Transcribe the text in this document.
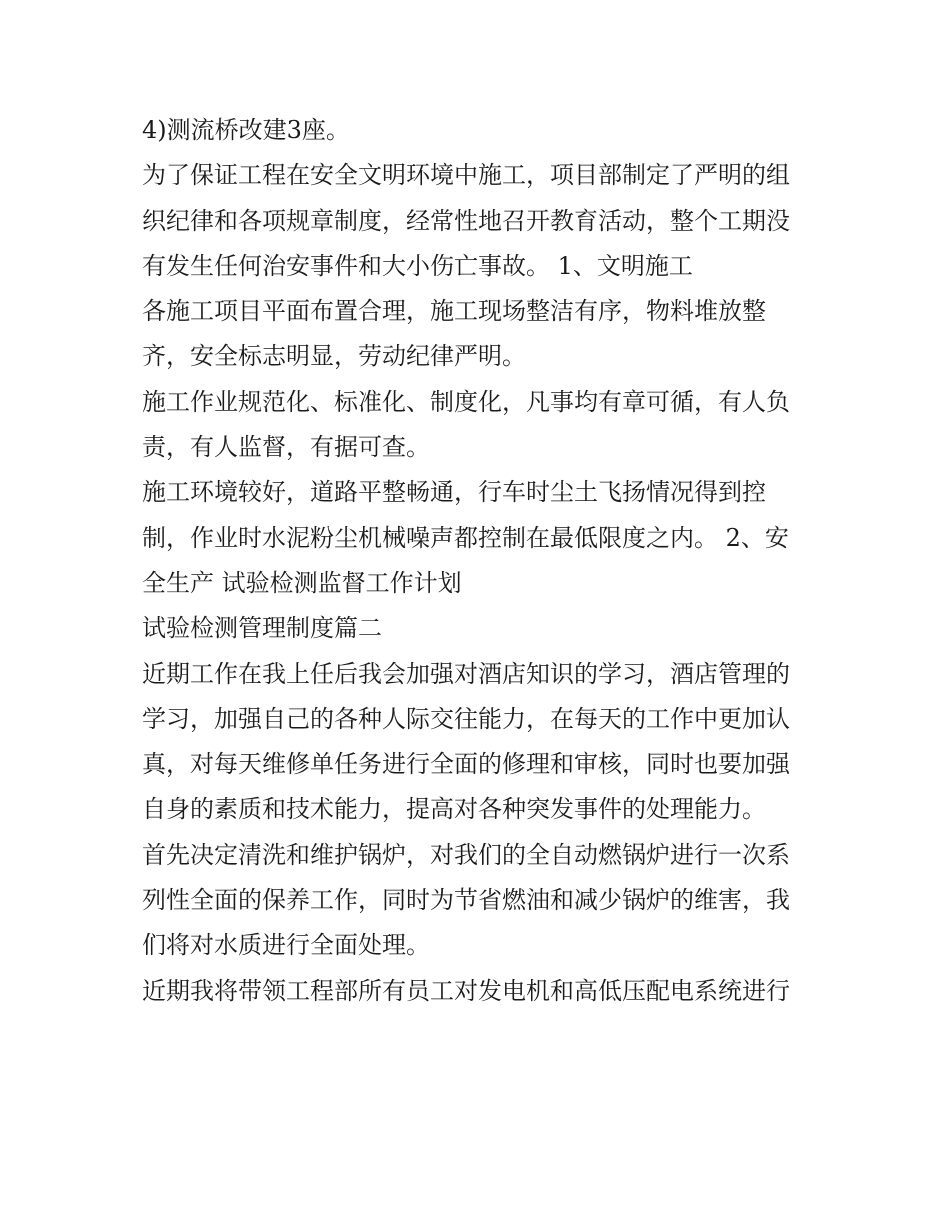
4)测流桥改建3座。
为了保证工程在安全文明环境中施工，项目部制定了严明的组
织纪律和各项规章制度，经常性地召开教育活动，整个工期没
有发生任何治安事件和大小伤亡事故。 1、文明施工
各施工项目平面布置合理，施工现场整洁有序，物料堆放整
齐，安全标志明显，劳动纪律严明。
施工作业规范化、标准化、制度化，凡事均有章可循，有人负
责，有人监督，有据可查。
施工环境较好，道路平整畅通，行车时尘土飞扬情况得到控
制，作业时水泥粉尘机械噪声都控制在最低限度之内。 2、安
全生产 试验检测监督工作计划
试验检测管理制度篇二
近期工作在我上任后我会加强对酒店知识的学习，酒店管理的
学习，加强自己的各种人际交往能力，在每天的工作中更加认
真，对每天维修单任务进行全面的修理和审核，同时也要加强
自身的素质和技术能力，提高对各种突发事件的处理能力。
首先决定清洗和维护锅炉，对我们的全自动燃锅炉进行一次系
列性全面的保养工作，同时为节省燃油和减少锅炉的维害，我
们将对水质进行全面处理。
近期我将带领工程部所有员工对发电机和高低压配电系统进行
